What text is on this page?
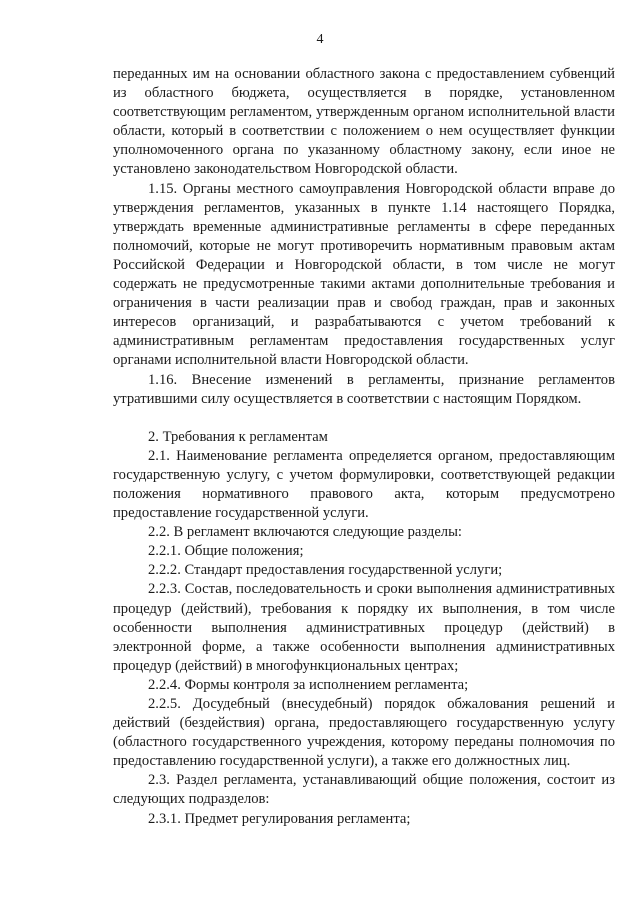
4

переданных им на основании областного закона с предоставлением субвенций из областного бюджета, осуществляется в порядке, установленном соответствующим регламентом, утвержденным органом исполнительной власти области, который в соответствии с положением о нем осуществляет функции уполномоченного органа по указанному областному закону, если иное не установлено законодательством Новгородской области.

1.15. Органы местного самоуправления Новгородской области вправе до утверждения регламентов, указанных в пункте 1.14 настоящего Порядка, утверждать временные административные регламенты в сфере переданных полномочий, которые не могут противоречить нормативным правовым актам Российской Федерации и Новгородской области, в том числе не могут содержать не предусмотренные такими актами дополнительные требования и ограничения в части реализации прав и свобод граждан, прав и законных интересов организаций, и разрабатываются с учетом требований к административным регламентам предоставления государственных услуг органами исполнительной власти Новгородской области.

1.16. Внесение изменений в регламенты, признание регламентов утратившими силу осуществляется в соответствии с настоящим Порядком.

2. Требования к регламентам

2.1. Наименование регламента определяется органом, предоставляющим государственную услугу, с учетом формулировки, соответствующей редакции положения нормативного правового акта, которым предусмотрено предоставление государственной услуги.

2.2. В регламент включаются следующие разделы:

2.2.1. Общие положения;

2.2.2. Стандарт предоставления государственной услуги;

2.2.3. Состав, последовательность и сроки выполнения административных процедур (действий), требования к порядку их выполнения, в том числе особенности выполнения административных процедур (действий) в электронной форме, а также особенности выполнения административных процедур (действий) в многофункциональных центрах;

2.2.4. Формы контроля за исполнением регламента;

2.2.5. Досудебный (внесудебный) порядок обжалования решений и действий (бездействия) органа, предоставляющего государственную услугу (областного государственного учреждения, которому переданы полномочия по предоставлению государственной услуги), а также его должностных лиц.

2.3. Раздел регламента, устанавливающий общие положения, состоит из следующих подразделов:

2.3.1. Предмет регулирования регламента;
